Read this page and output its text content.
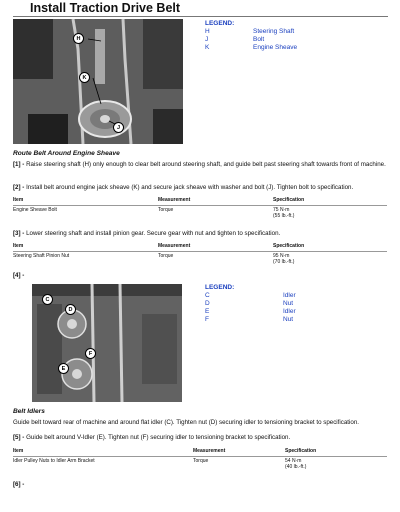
Install Traction Drive Belt
H
K
J
LEGEND:
H	Steering Shaft
J	Bolt
K	Engine Sheave
Route Belt Around Engine Sheave
[1] - Raise steering shaft (H) only enough to clear belt around steering shaft, and guide belt past steering shaft towards front of machine.
[2] - Install belt around engine jack sheave (K) and secure jack sheave with washer and bolt (J). Tighten bolt to specification.
Item	Measurement	Specification
Engine Sheave Bolt	Torque	75 N·m
(55 lb.-ft.)
[3] - Lower steering shaft and install pinion gear. Secure gear with nut and tighten to specification.
Item	Measurement	Specification
Steering Shaft Pinion Nut	Torque	95 N·m
(70 lb.-ft.)
[4] -
C
D
E
F
LEGEND:
C	Idler
D	Nut
E	Idler
F	Nut
Belt Idlers
Guide belt toward rear of machine and around flat idler (C). Tighten nut (D) securing idler to tensioning bracket to specification.
[5] - Guide belt around V-Idler (E). Tighten nut (F) securing idler to tensioning bracket to specification.
Item	Measurement	Specification
Idler Pulley Nuts to Idler Arm Bracket	Torque	54 N·m
(40 lb.-ft.)
[6] -
